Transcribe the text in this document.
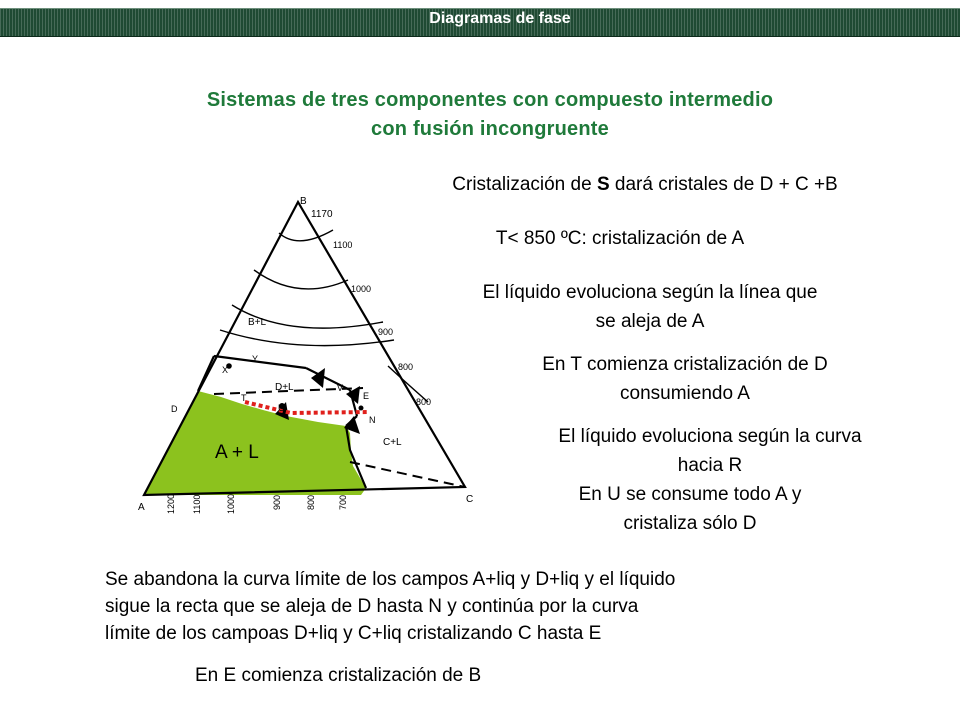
Diagramas de fase
Sistemas de tres componentes con compuesto intermedio
con fusión incongruente
Cristalización de S dará cristales de D + C +B
T< 850 ºC: cristalización de A
El líquido evoluciona según la línea que
se aleja de A
En T comienza cristalización de D
consumiendo A
El líquido evoluciona según la curva
hacia R
En U se consume todo A y
cristaliza sólo D
Se abandona la curva límite de los campos A+liq y D+liq y el líquido
sigue la recta que se aleja de D hasta N y continúa por la curva
límite de los campoas D+liq y C+liq cristalizando C hasta E
En E comienza cristalización de B
B
1170
A
C
1100
1000
900
800
800
1200 1100	1000	900	800 700
B+L
D+L
C+L
A + L
D
X
Y
V
E
N
T
U
